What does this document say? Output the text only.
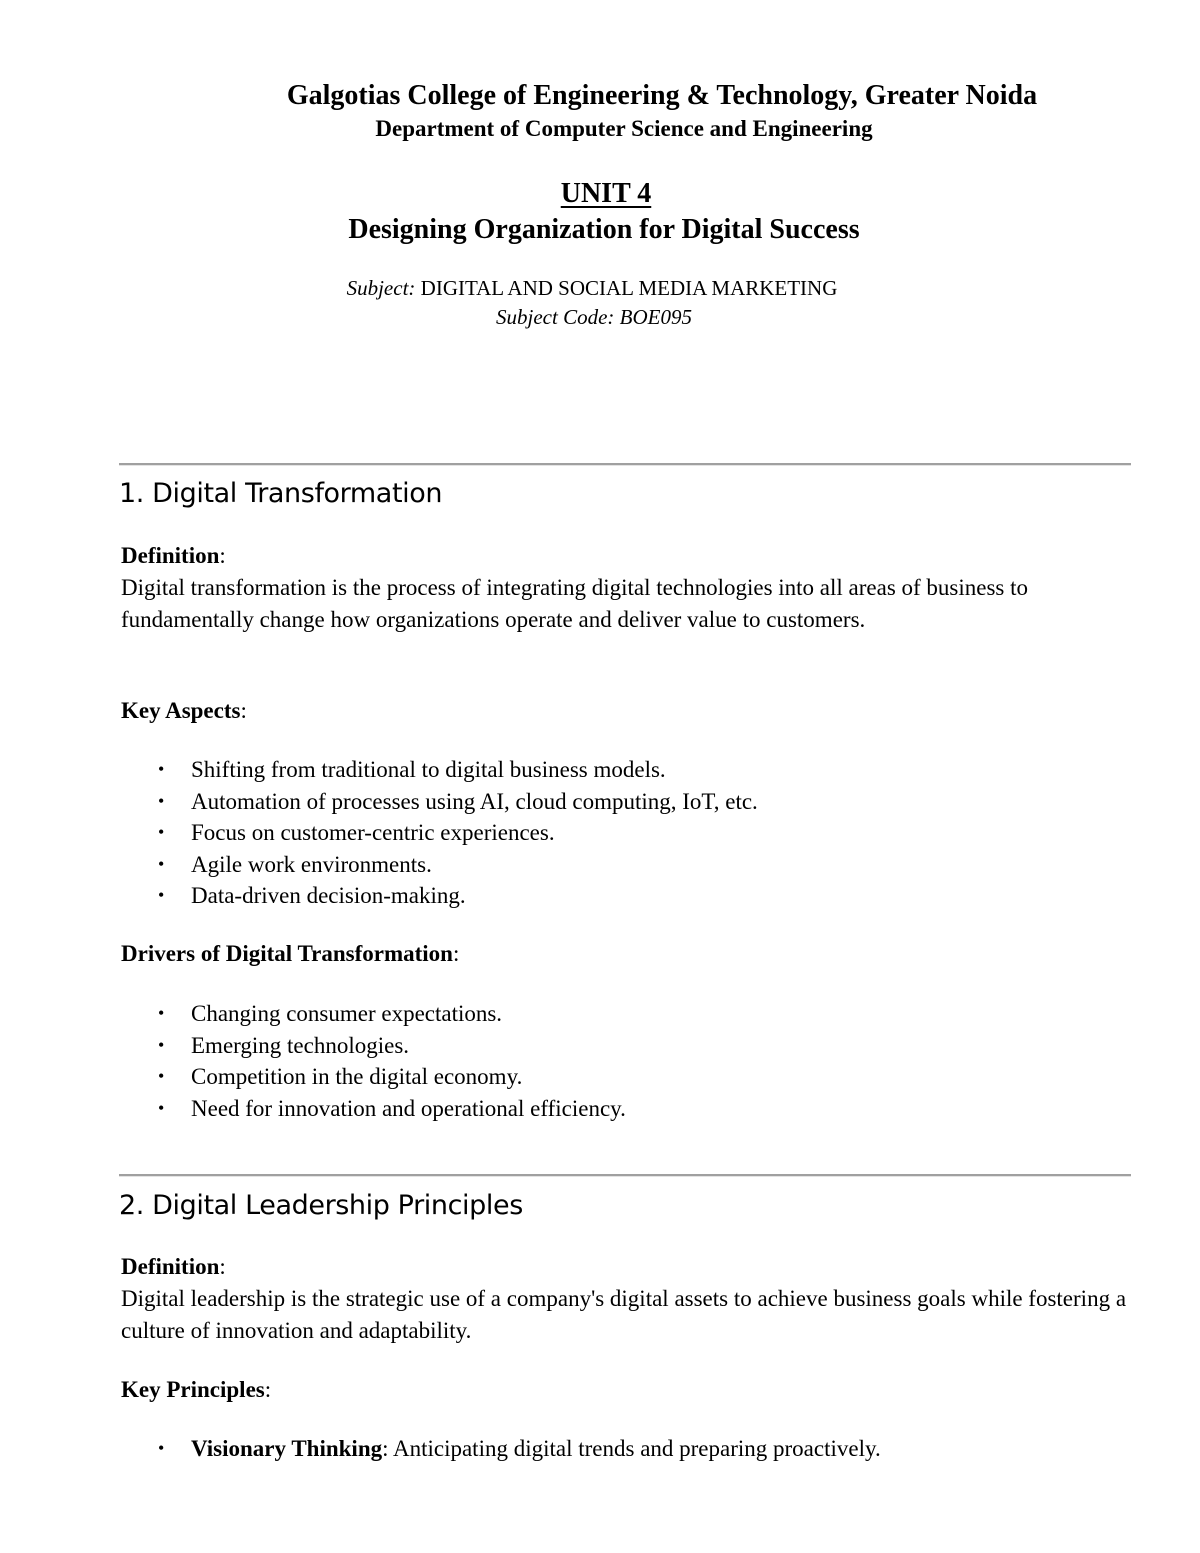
Galgotias College of Engineering & Technology, Greater Noida
Department of Computer Science and Engineering
UNIT 4
Designing Organization for Digital Success
Subject: DIGITAL AND SOCIAL MEDIA MARKETING
Subject Code: BOE095
1. Digital Transformation
Definition:
Digital transformation is the process of integrating digital technologies into all areas of business to fundamentally change how organizations operate and deliver value to customers.
Key Aspects:
• Shifting from traditional to digital business models.
• Automation of processes using AI, cloud computing, IoT, etc.
• Focus on customer-centric experiences.
• Agile work environments.
• Data-driven decision-making.
Drivers of Digital Transformation:
• Changing consumer expectations.
• Emerging technologies.
• Competition in the digital economy.
• Need for innovation and operational efficiency.
2. Digital Leadership Principles
Definition:
Digital leadership is the strategic use of a company's digital assets to achieve business goals while fostering a culture of innovation and adaptability.
Key Principles:
• Visionary Thinking: Anticipating digital trends and preparing proactively.
